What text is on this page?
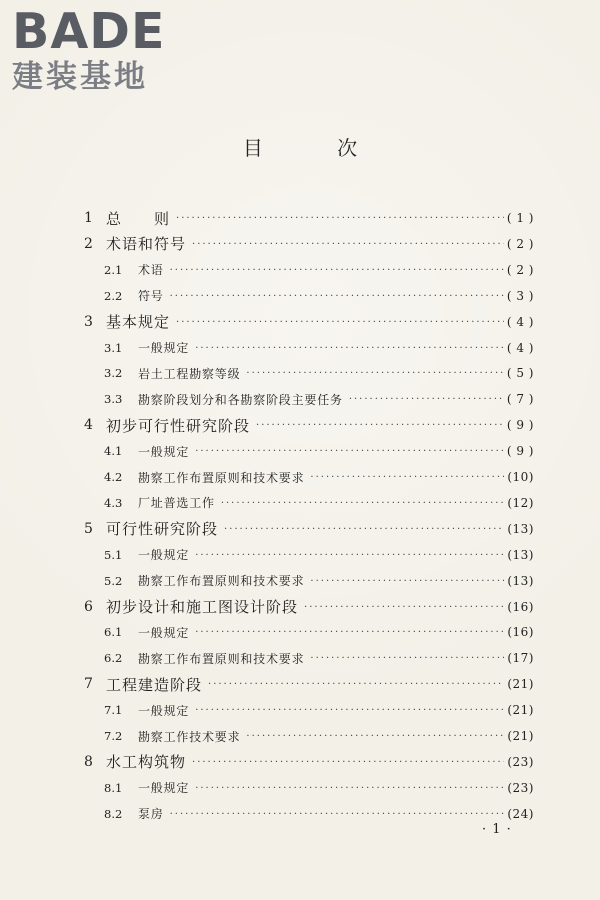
BADE
建装基地
目 次
1 总　　则 ·····	( 1 )
2 术语和符号 ·····	( 2 )
2.1	术语 ·····	( 2 )
2.2	符号 ·····	( 3 )
3 基本规定 ·····	( 4 )
3.1	一般规定 ·····	( 4 )
3.2	岩土工程勘察等级 ·····	( 5 )
3.3	勘察阶段划分和各勘察阶段主要任务 ·····	( 7 )
4 初步可行性研究阶段 ·····	( 9 )
4.1	一般规定 ·····	( 9 )
4.2	勘察工作布置原则和技术要求 ·····	(10)
4.3	厂址普选工作 ·····	(12)
5 可行性研究阶段 ·····	(13)
5.1	一般规定 ·····	(13)
5.2	勘察工作布置原则和技术要求 ·····	(13)
6 初步设计和施工图设计阶段 ·····	(16)
6.1	一般规定 ·····	(16)
6.2	勘察工作布置原则和技术要求 ·····	(17)
7 工程建造阶段 ·····	(21)
7.1	一般规定 ·····	(21)
7.2	勘察工作技术要求 ·····	(21)
8 水工构筑物 ·····	(23)
8.1	一般规定 ·····	(23)
8.2	泵房 ·····	(24)
· 1 ·
